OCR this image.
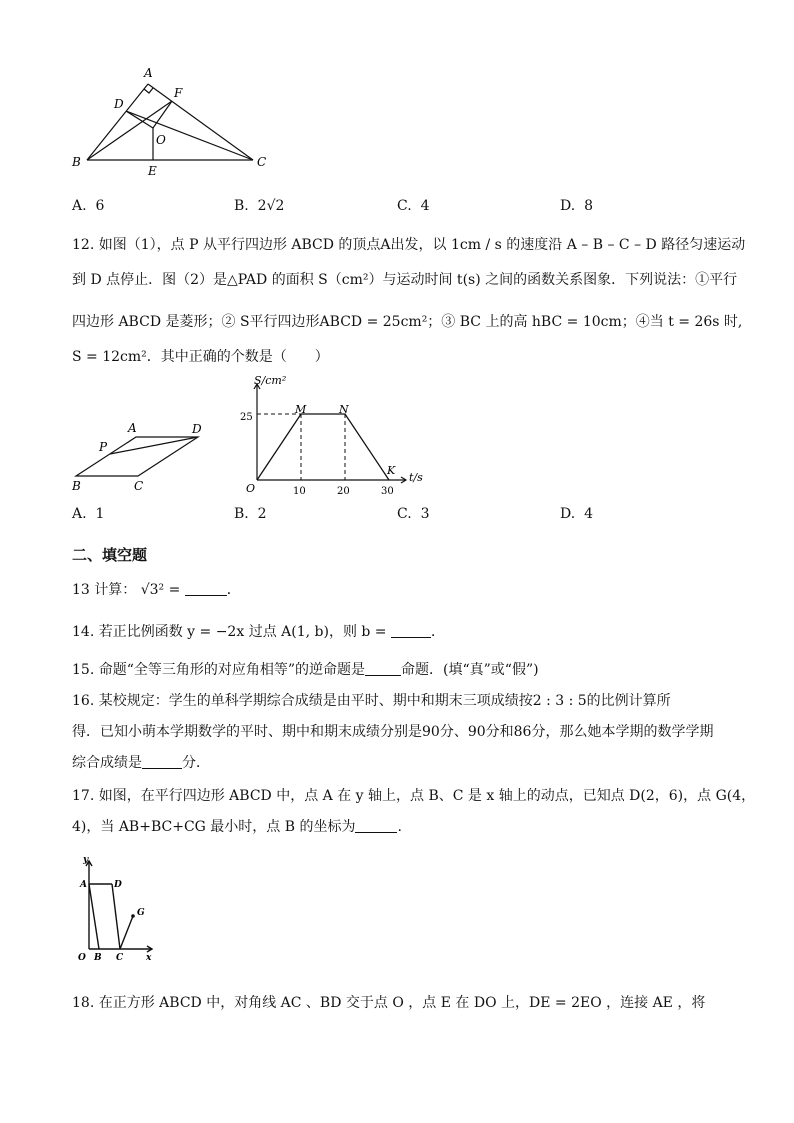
A
D
F
O
B
E
C
A. 6	B. 2√2	C. 4	D. 8
12. 如图（1），点 P 从平行四边形 ABCD 的顶点A出发，以 1cm / s 的速度沿 A – B – C – D 路径匀速运动
到 D 点停止．图（2）是△PAD 的面积 S（cm²）与运动时间 t(s) 之间的函数关系图象．下列说法：①平行
四边形 ABCD 是菱形；② S平行四边形ABCD = 25cm²；③ BC 上的高 hBC = 10cm；④当 t = 26s 时,
S = 12cm²．其中正确的个数是（　　）
A	D
P
B	C
S/cm²
t/s
O
25
10	20	30
M	N
K
A. 1	B. 2	C. 3	D. 4
二、填空题
13 计算： √3² =	．
14. 若正比例函数 y = −2x 过点 A(1, b)，则 b =	．
15. 命题“全等三角形的对应角相等”的逆命题是	命题．(填“真”或“假”)
16. 某校规定：学生的单科学期综合成绩是由平时、期中和期末三项成绩按2 : 3 : 5的比例计算所
得．已知小萌本学期数学的平时、期中和期末成绩分别是90分、90分和86分，那么她本学期的数学学期
综合成绩是	分．
17. 如图，在平行四边形 ABCD 中，点 A 在 y 轴上，点 B、C 是 x 轴上的动点，已知点 D(2，6)，点 G(4，
4)，当 AB+BC+CG 最小时，点 B 的坐标为	.
y
A	D
G
O B C	x
18. 在正方形 ABCD 中，对角线 AC 、BD 交于点 O ，点 E 在 DO 上，DE = 2EO ，连接 AE ，将
